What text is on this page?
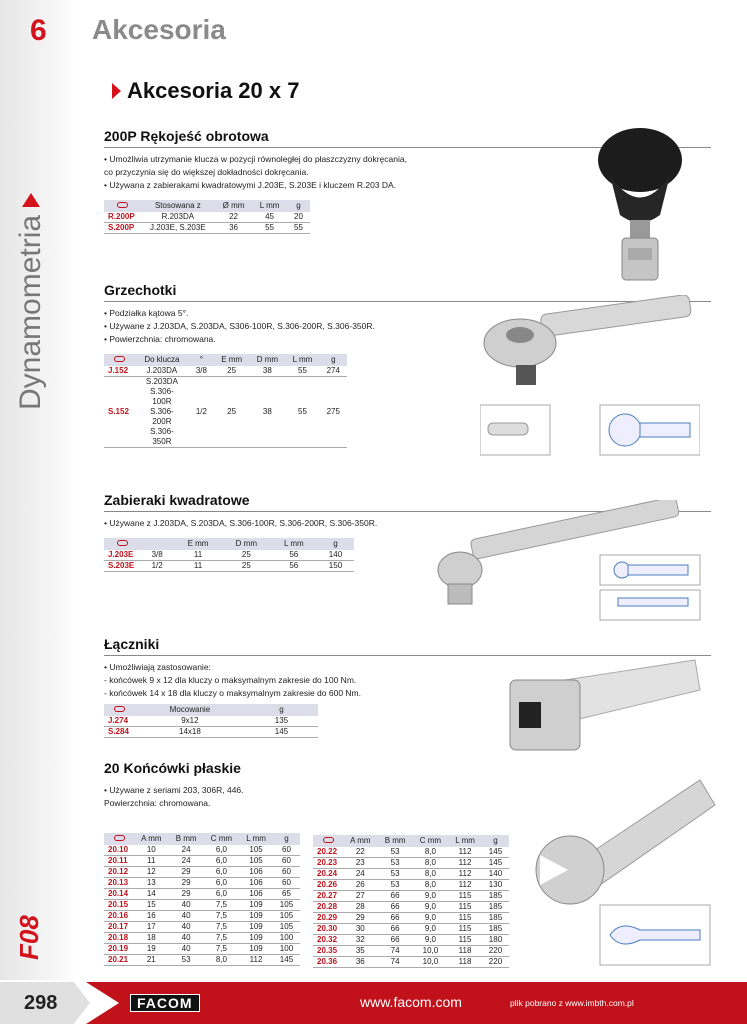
6 Akcesoria
Dynamometria
F08
Akcesoria 20 x 7
200P Rękojeść obrotowa
• Umożliwia utrzymanie klucza w pozycji równoległej do płaszczyzny dokręcania,
co przyczynia się do większej dokładności dokręcania.
• Używana z zabierakami kwadratowymi J.203E, S.203E i kluczem R.203 DA.
	Stosowana z	Ø mm	L mm	g
R.200P	R.203DA	22	45	20
S.200P	J.203E, S.203E	36	55	55
Grzechotki
• Podziałka kątowa 5°.
• Używane z J.203DA, S.203DA, S306-100R, S.306-200R, S.306-350R.
• Powierzchnia: chromowana.
	Do klucza	°	E mm	D mm	L mm	g
J.152	J.203DA	3/8	25	38	55	274
S.152	S.203DA S.306-100R S.306-200R S.306-350R	1/2	25	38	55	275
Zabieraki kwadratowe
• Używane z J.203DA, S.203DA, S.306-100R, S.306-200R, S.306-350R.
		E mm	D mm	L mm	g
J.203E	3/8	11	25	56	140
S.203E	1/2	11	25	56	150
Łączniki
• Umożliwiają zastosowanie:
- końcówek 9 x 12 dla kluczy o maksymalnym zakresie do 100 Nm.
- końcówek 14 x 18 dla kluczy o maksymalnym zakresie do 600 Nm.
	Mocowanie	g
J.274	9x12	135
S.284	14x18	145
20 Końcówki płaskie
• Używane z seriami 203, 306R, 446.
Powierzchnia: chromowana.
	A mm	B mm	C mm	L mm	g
20.10	10	24	6,0	105	60
20.11	11	24	6,0	105	60
20.12	12	29	6,0	106	60
20.13	13	29	6,0	106	60
20.14	14	29	6,0	106	65
20.15	15	40	7,5	109	105
20.16	16	40	7,5	109	105
20.17	17	40	7,5	109	105
20.18	18	40	7,5	109	100
20.19	19	40	7,5	109	100
20.21	21	53	8,0	112	145
	A mm	B mm	C mm	L mm	g
20.22	22	53	8,0	112	145
20.23	23	53	8,0	112	145
20.24	24	53	8,0	112	140
20.26	26	53	8,0	112	130
20.27	27	66	9,0	115	185
20.28	28	66	9,0	115	185
20.29	29	66	9,0	115	185
20.30	30	66	9,0	115	185
20.32	32	66	9,0	115	180
20.35	35	74	10,0	118	220
20.36	36	74	10,0	118	220
298	FACOM	www.facom.com	plik pobrano z www.imbth.com.pl
